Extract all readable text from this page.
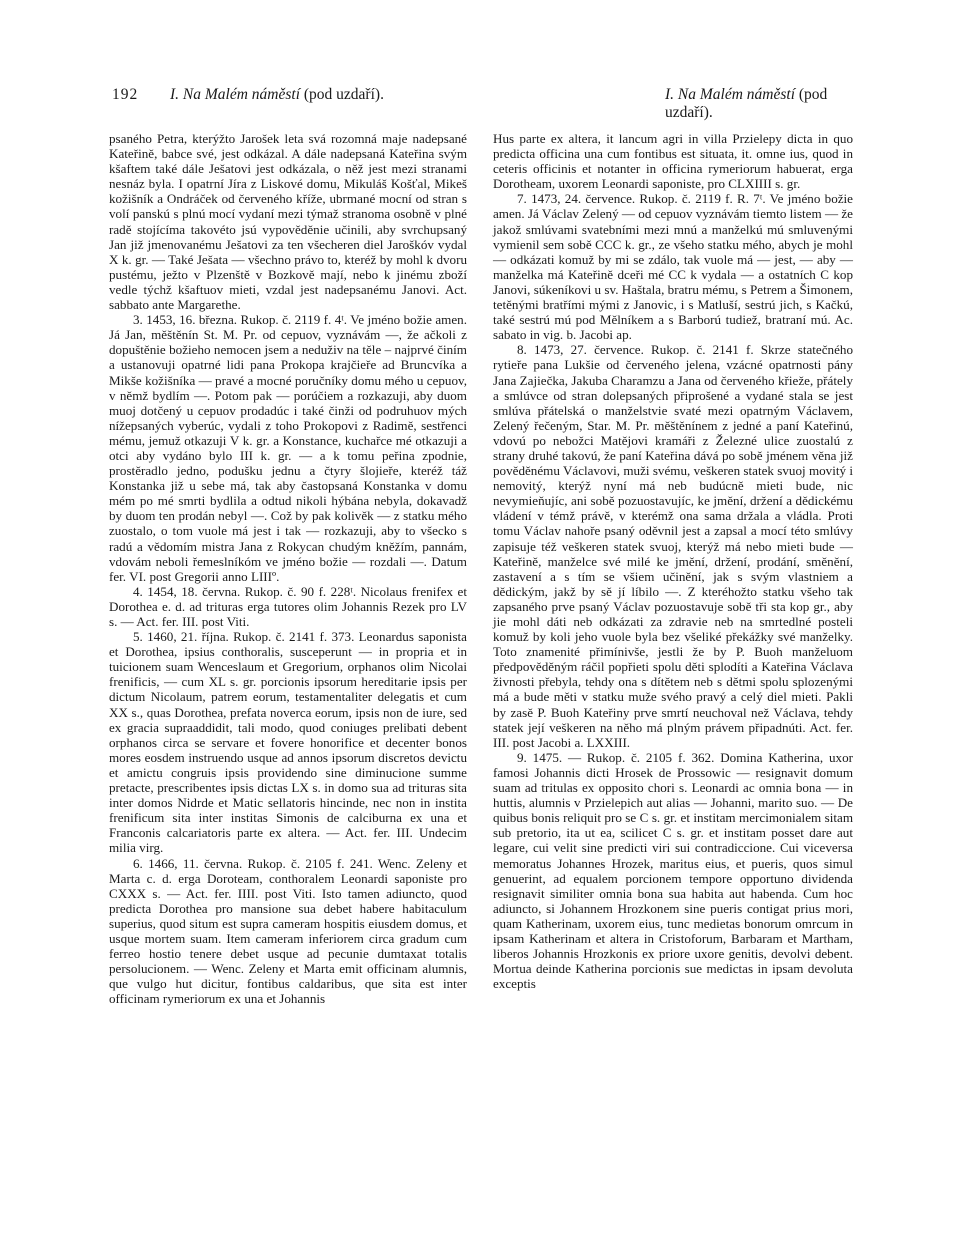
192 I. Na Malém náměstí (pod uzdaří).	I. Na Malém náměstí (pod uzdaří).

psaného Petra, kterýžto Jarošek leta svá rozomná maje nadepsané Kateřině, babce své, jest odkázal. A dále nadepsaná Kateřina svým kšaftem také dále Ješatovi jest odkázala, o něž jest mezi stranami nesnáz byla. I opatrní Jíra z Liskové domu, Mikuláš Košťal, Mikeš kožišník a Ondráček od červeného kříže, ubrmané mocní od stran s volí panskú s plnú mocí vydaní mezi týmaž stranoma osobně v plné radě stojícíma takovéto jsú vypověděnie učinili, aby svrchupsaný Jan již jmenovanému Ješatovi za ten všecheren diel Jaroškóv vydal X k. gr. — Také Ješata — všechno právo to, kteréž by mohl k dvoru pustému, ježto v Plzenště v Bozkově mají, nebo k jinému zboží vedle týchž kšaftuov mieti, vzdal jest nadepsanému Janovi. Act. sabbato ante Margarethe.

3. 1453, 16. března. Rukop. č. 2119 f. 4ᵗ. Ve jméno božie amen. Já Jan, měštěnín St. M. Pr. od cepuov, vyznávám —, že ačkoli z dopuštěnie božieho nemocen jsem a neduživ na těle – najprvé činím a ustanovuji opatrné lidi pana Prokopa krajčieře ad Bruncvíka a Mikše kožišníka — pravé a mocné poručníky domu mého u cepuov, v němž bydlím —. Potom pak — porúčiem a rozkazuji, aby duom muoj dotčený u cepuov prodadúc i také činži od podruhuov mých nížepsaných vyberúc, vydali z toho Prokopovi z Radimě, sestřenci mému, jemuž otkazuji V k. gr. a Konstance, kuchařce mé otkazuji a otci aby vydáno bylo III k. gr. — a k tomu peřina zpodnie, prostěradlo jedno, podušku jednu a čtyry šlojieře, kteréž táž Konstanka již u sebe má, tak aby častopsaná Konstanka v domu mém po mé smrti bydlila a odtud nikoli hýbána nebyla, dokavadž by duom ten prodán nebyl —. Což by pak kolivěk — z statku mého zuostalo, o tom vuole má jest i tak — rozkazuji, aby to všecko s radú a vědomím mistra Jana z Rokycan chudým kněžím, pannám, vdovám neboli řemeslníkóm ve jméno božie — rozdali —. Datum fer. VI. post Gregorii anno LIIIº.

4. 1454, 18. června. Rukop. č. 90 f. 228ᵗ. Nicolaus frenifex et Dorothea e. d. ad trituras erga tutores olim Johannis Rezek pro LV s. — Act. fer. III. post Viti.

5. 1460, 21. října. Rukop. č. 2141 f. 373. Leonardus saponista et Dorothea, ipsius conthoralis, susceperunt — in propria et in tuicionem suam Wenceslaum et Gregorium, orphanos olim Nicolai frenificis, — cum XL s. gr. porcionis ipsorum hereditarie ipsis per dictum Nicolaum, patrem eorum, testamentaliter delegatis et cum XX s., quas Dorothea, prefata noverca eorum, ipsis non de iure, sed ex gracia supraaddidit, tali modo, quod coniuges prelibati debent orphanos circa se servare et fovere honorifice et decenter bonos mores eosdem instruendo usque ad annos ipsorum discretos devictu et amictu congruis ipsis providendo sine diminucione summe pretacte, prescribentes ipsis dictas LX s. in domo sua ad trituras sita inter domos Nidrde et Matic sellatoris hincinde, nec non in instita frenificum sita inter institas Simonis de calciburna ex una et Franconis calcariatoris parte ex altera. — Act. fer. III. Undecim milia virg.

6. 1466, 11. června. Rukop. č. 2105 f. 241. Wenc. Zeleny et Marta c. d. erga Doroteam, conthoralem Leonardi saponiste pro CXXX s. — Act. fer. IIII. post Viti. Isto tamen adiuncto, quod predicta Dorothea pro mansione sua debet habere habitaculum superius, quod situm est supra cameram hospitis eiusdem domus, et usque mortem suam. Item cameram inferiorem circa gradum cum ferreo hostio tenere debet usque ad pecunie dumtaxat totalis persolucionem. — Wenc. Zeleny et Marta emit officinam alumnis, que vulgo hut dicitur, fontibus caldaribus, que sita est inter officinam rymeriorum ex una et Johannis

Hus parte ex altera, it lancum agri in villa Przielepy dicta in quo predicta officina una cum fontibus est situata, it. omne ius, quod in ceteris officinis et notanter in officina rymeriorum habuerat, erga Dorotheam, uxorem Leonardi saponiste, pro CLXIIII s. gr.

7. 1473, 24. července. Rukop. č. 2119 f. R. 7ᵗ. Ve jméno božie amen. Já Václav Zelený — od cepuov vyznávám tiemto listem — že jakož smlúvami svatebními mezi mnú a manželkú mú smluvenými vymienil sem sobě CCC k. gr., ze všeho statku mého, abych je mohl — odkázati komuž by mi se zdálo, tak vuole má — jest, — aby — manželka má Kateřině dceři mé CC k vydala — a ostatních C kop Janovi, súkeníkovi u sv. Haštala, bratru mému, s Petrem a Šimonem, tetěnými bratřími mými z Janovic, i s Matluší, sestrú jich, s Kačkú, také sestrú mú pod Mělníkem a s Barború tudiež, bratraní mú. Ac. sabato in vig. b. Jacobi ap.

8. 1473, 27. července. Rukop. č. 2141 f. Skrze statečného rytieře pana Lukšie od červeného jelena, vzácné opatrnosti pány Jana Zajiečka, Jakuba Charamzu a Jana od červeného křieže, přátely a smlúvce od stran dolepsaných připrošené a vydané stala se jest smlúva přátelská o manželstvie svaté mezi opatrným Václavem, Zelený řečeným, Star. M. Pr. měštěnínem z jedné a paní Kateřinú, vdovú po nebožci Matějovi kramáři z Železné ulice zuostalú z strany druhé takovú, že paní Kateřina dává po sobě jménem věna již pověděnému Václavovi, muži svému, veškeren statek svuoj movitý i nemovitý, kterýž nyní má neb budúcně mieti bude, nic nevymieňujíc, ani sobě pozuostavujíc, ke jmění, držení a dědickému vládení v témž právě, v kterémž ona sama držala a vládla. Proti tomu Václav nahoře psaný oděvnil jest a zapsal a mocí této smlúvy zapisuje též veškeren statek svuoj, kterýž má nebo mieti bude — Kateřině, manželce své milé ke jmění, držení, prodání, směnění, zastavení a s tím se všiem učinění, jak s svým vlastniem a dědickým, jakž by sě jí líbilo —. Z kteréhožto statku všeho tak zapsaného prve psaný Václav pozuostavuje sobě tři sta kop gr., aby jie mohl dáti neb odkázati za zdravie neb na smrtedlné posteli komuž by koli jeho vuole byla bez všeliké překážky své manželky. Toto znamenité přimínivše, jestli že by P. Buoh manželuom předpověděným ráčil popřieti spolu děti splodíti a Kateřina Václava živnosti přebyla, tehdy ona s dítětem neb s dětmi spolu splozenými má a bude měti v statku muže svého pravý a celý diel mieti. Pakli by zasě P. Buoh Kateřiny prve smrtí neuchoval než Václava, tehdy statek její veškeren na něho má plným právem připadnúti. Act. fer. III. post Jacobi a. LXXIII.

9. 1475. — Rukop. č. 2105 f. 362. Domina Katherina, uxor famosi Johannis dicti Hrosek de Prossowic — resignavit domum suam ad tritulas ex opposito chori s. Leonardi ac omnia bona — in huttis, alumnis v Przielepich aut alias — Johanni, marito suo. — De quibus bonis reliquit pro se C s. gr. et institam mercimonialem sitam sub pretorio, ita ut ea, scilicet C s. gr. et institam posset dare aut legare, cui velit sine predicti viri sui contradiccione. Cui viceversa memoratus Johannes Hrozek, maritus eius, et pueris, quos simul genuerint, ad equalem porcionem tempore opportuno dividenda resignavit similiter omnia bona sua habita aut habenda. Cum hoc adiuncto, si Johannem Hrozkonem sine pueris contigat prius mori, quam Katherinam, uxorem eius, tunc medietas bonorum omrcum in ipsam Katherinam et altera in Cristoforum, Barbaram et Martham, liberos Johannis Hrozkonis ex priore uxore genitis, devolvi debent. Mortua deinde Katherina porcionis sue medictas in ipsam devoluta exceptis
